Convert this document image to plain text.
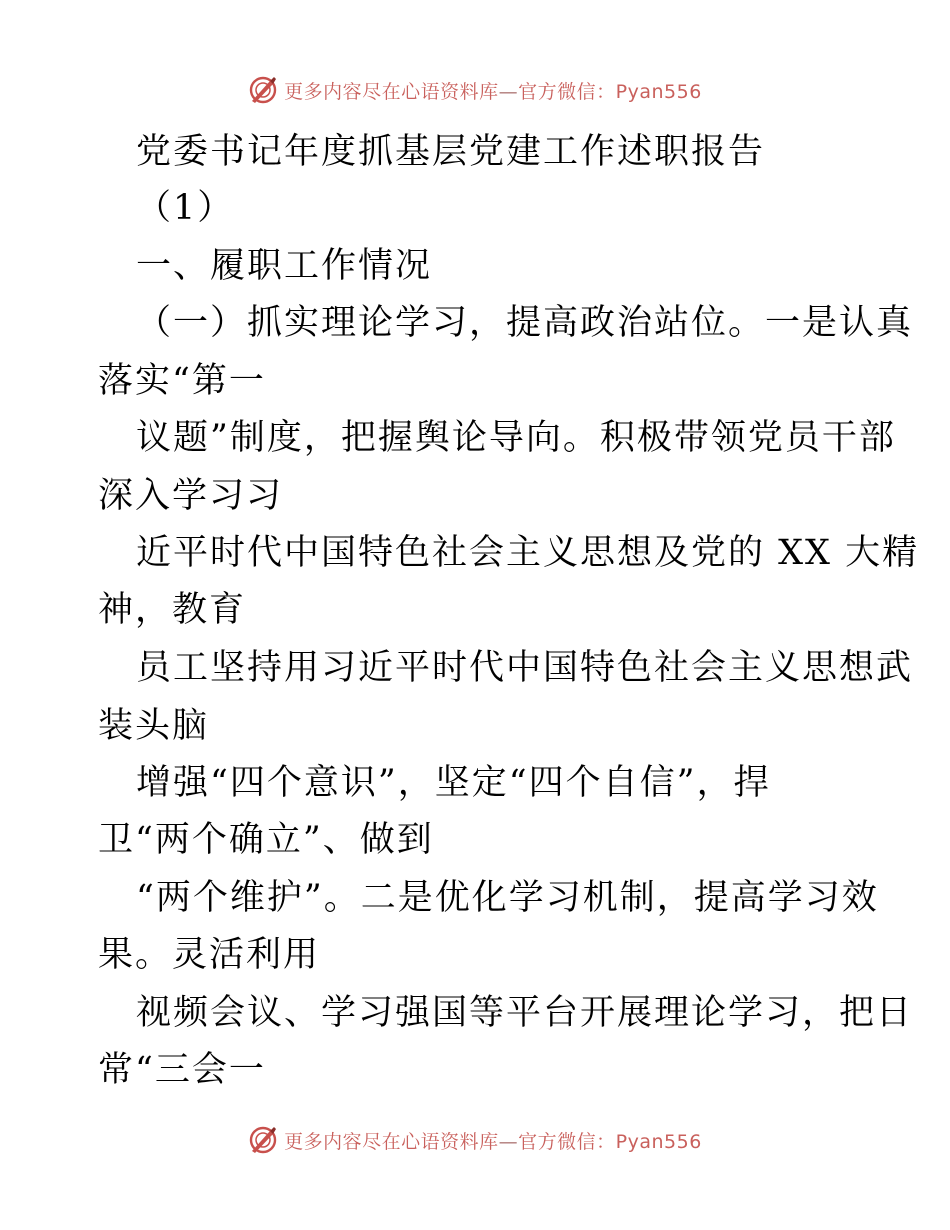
更多内容尽在心语资料库—官方微信：Pyan556
党委书记年度抓基层党建工作述职报告
（1）
一、履职工作情况
（一）抓实理论学习，提高政治站位。一是认真
落实“第一
议题”制度，把握舆论导向。积极带领党员干部
深入学习习
近平时代中国特色社会主义思想及党的 XX 大精
神，教育
员工坚持用习近平时代中国特色社会主义思想武
装头脑
增强“四个意识”，坚定“四个自信”，捍
卫“两个确立”、做到
“两个维护”。二是优化学习机制，提高学习效
果。灵活利用
视频会议、学习强国等平台开展理论学习，把日
常“三会一
更多内容尽在心语资料库—官方微信：Pyan556
